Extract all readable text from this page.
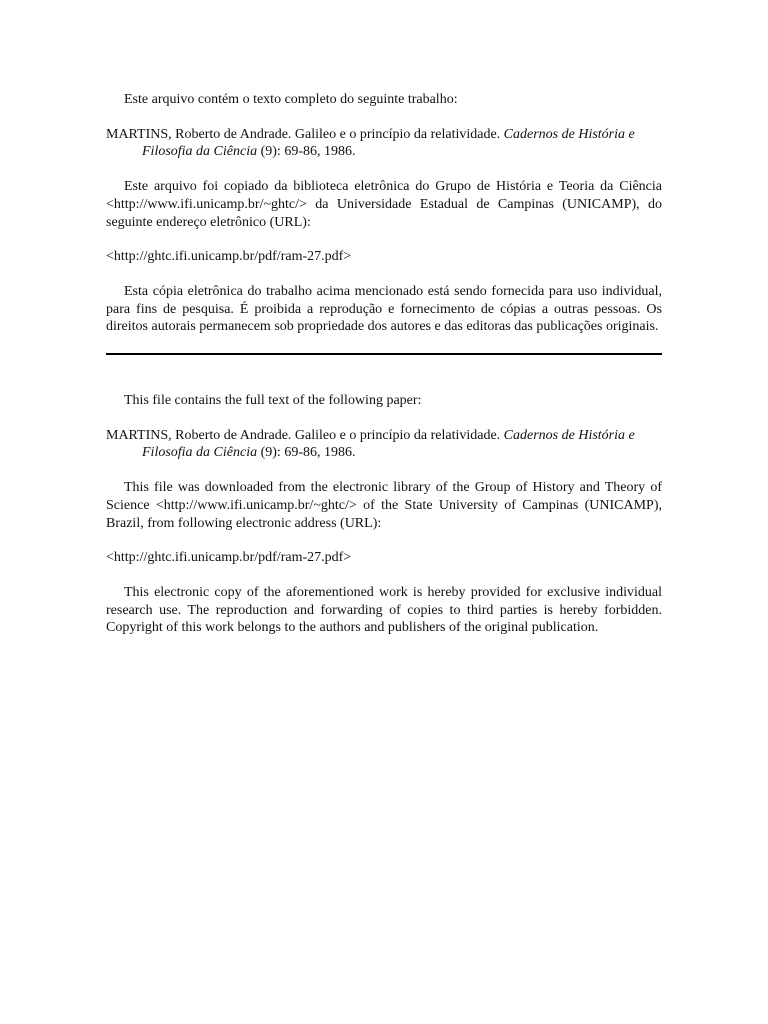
Este arquivo contém o texto completo do seguinte trabalho:

MARTINS, Roberto de Andrade. Galileo e o princípio da relatividade. Cadernos de História e Filosofia da Ciência (9): 69-86, 1986.

Este arquivo foi copiado da biblioteca eletrônica do Grupo de História e Teoria da Ciência <http://www.ifi.unicamp.br/~ghtc/> da Universidade Estadual de Campinas (UNICAMP), do seguinte endereço eletrônico (URL):

<http://ghtc.ifi.unicamp.br/pdf/ram-27.pdf>

Esta cópia eletrônica do trabalho acima mencionado está sendo fornecida para uso individual, para fins de pesquisa. É proibida a reprodução e fornecimento de cópias a outras pessoas. Os direitos autorais permanecem sob propriedade dos autores e das editoras das publicações originais.

This file contains the full text of the following paper:

MARTINS, Roberto de Andrade. Galileo e o princípio da relatividade. Cadernos de História e Filosofia da Ciência (9): 69-86, 1986.

This file was downloaded from the electronic library of the Group of History and Theory of Science <http://www.ifi.unicamp.br/~ghtc/> of the State University of Campinas (UNICAMP), Brazil, from following electronic address (URL):

<http://ghtc.ifi.unicamp.br/pdf/ram-27.pdf>

This electronic copy of the aforementioned work is hereby provided for exclusive individual research use. The reproduction and forwarding of copies to third parties is hereby forbidden. Copyright of this work belongs to the authors and publishers of the original publication.
